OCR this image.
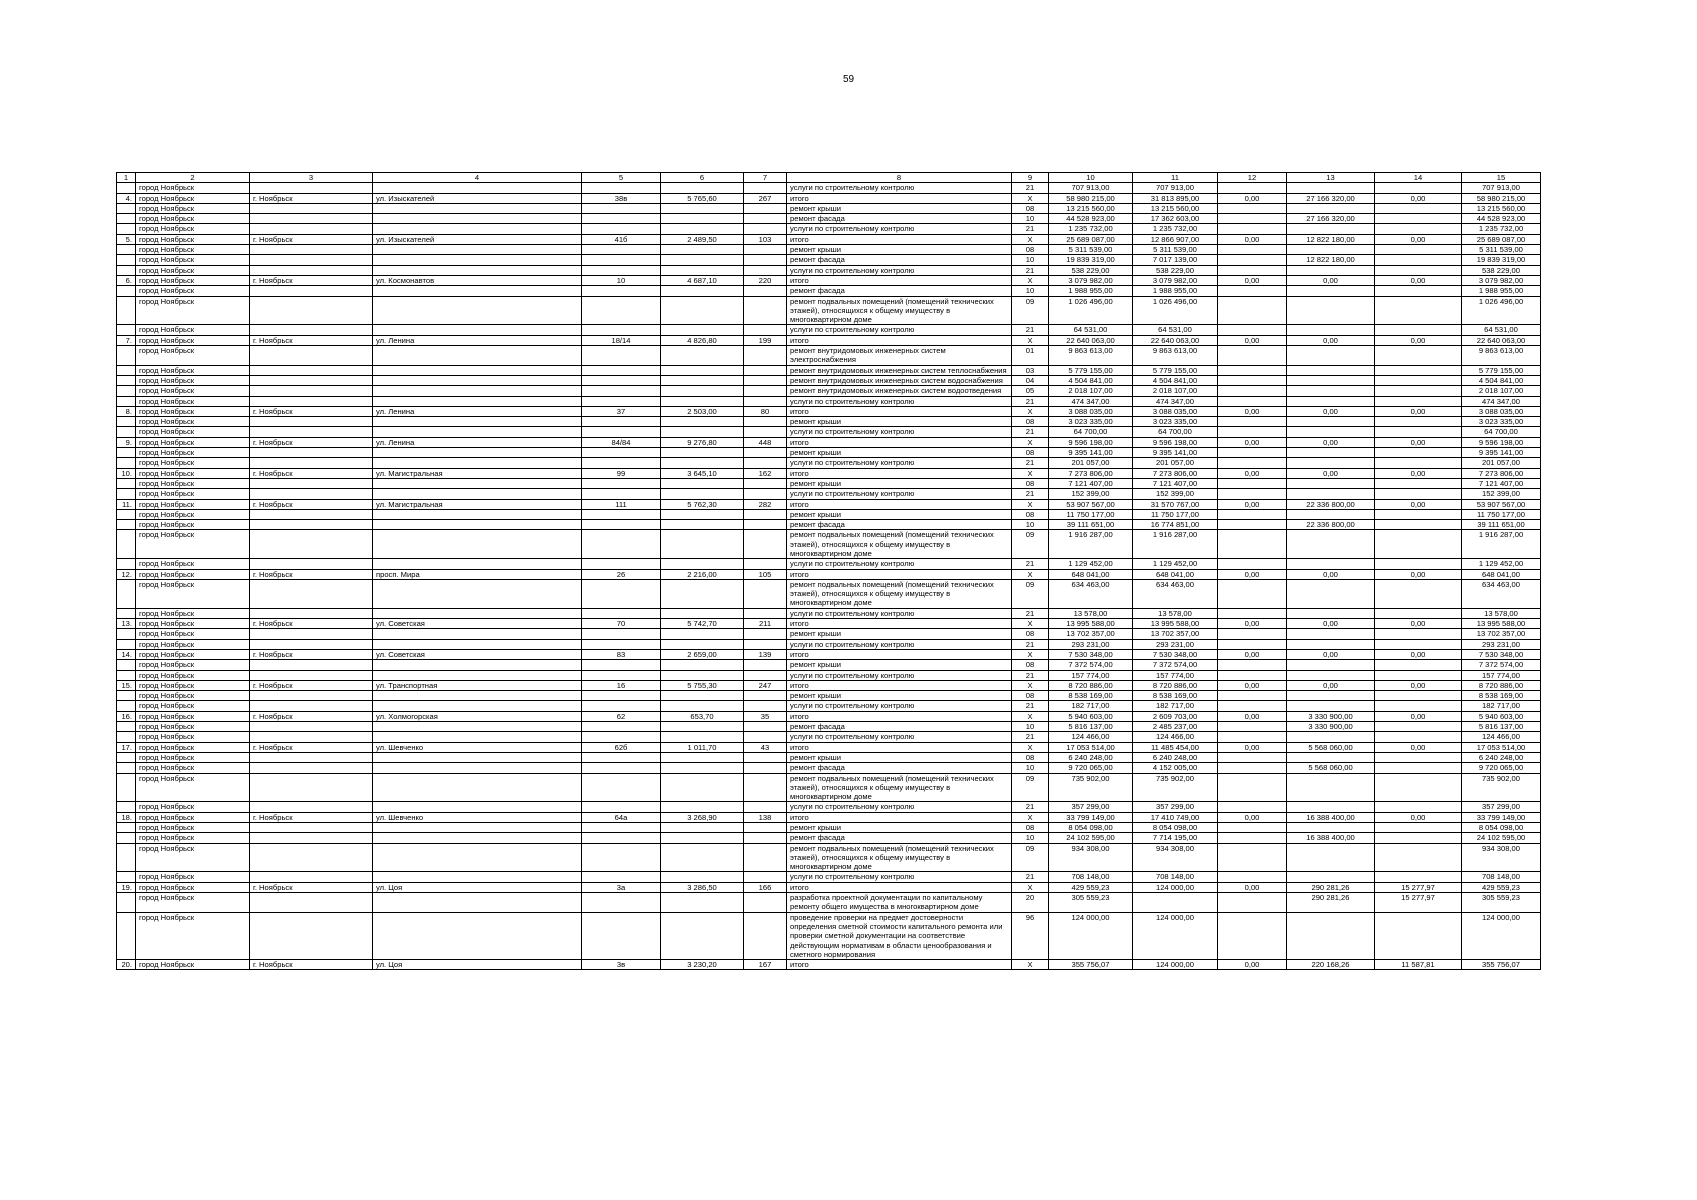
59
1	2	3	4	5	6	7	8	9	10	11	12	13	14	15
	город Ноябрьск						услуги по строительному контролю	21	707 913,00	707 913,00				707 913,00
4.	город Ноябрьск	г. Ноябрьск	ул. Изыскателей	38в	5 765,60	267	итого	X	58 980 215,00	31 813 895,00	0,00	27 166 320,00	0,00	58 980 215,00
	город Ноябрьск						ремонт крыши	08	13 215 560,00	13 215 560,00				13 215 560,00
	город Ноябрьск						ремонт фасада	10	44 528 923,00	17 362 603,00		27 166 320,00		44 528 923,00
	город Ноябрьск						услуги по строительному контролю	21	1 235 732,00	1 235 732,00				1 235 732,00
5.	город Ноябрьск	г. Ноябрьск	ул. Изыскателей	41б	2 489,50	103	итого	X	25 689 087,00	12 866 907,00	0,00	12 822 180,00	0,00	25 689 087,00
	город Ноябрьск						ремонт крыши	08	5 311 539,00	5 311 539,00				5 311 539,00
	город Ноябрьск						ремонт фасада	10	19 839 319,00	7 017 139,00		12 822 180,00		19 839 319,00
	город Ноябрьск						услуги по строительному контролю	21	538 229,00	538 229,00				538 229,00
6.	город Ноябрьск	г. Ноябрьск	ул. Космонавтов	10	4 687,10	220	итого	X	3 079 982,00	3 079 982,00	0,00	0,00	0,00	3 079 982,00
	город Ноябрьск						ремонт фасада	10	1 988 955,00	1 988 955,00				1 988 955,00
	город Ноябрьск						ремонт подвальных помещений (помещений технических этажей), относящихся к общему имуществу в многоквартирном доме	09	1 026 496,00	1 026 496,00				1 026 496,00
	город Ноябрьск						услуги по строительному контролю	21	64 531,00	64 531,00				64 531,00
7.	город Ноябрьск	г. Ноябрьск	ул. Ленина	18/14	4 826,80	199	итого	X	22 640 063,00	22 640 063,00	0,00	0,00	0,00	22 640 063,00
	город Ноябрьск						ремонт внутридомовых инженерных систем электроснабжения	01	9 863 613,00	9 863 613,00				9 863 613,00
	город Ноябрьск						ремонт внутридомовых инженерных систем теплоснабжения	03	5 779 155,00	5 779 155,00				5 779 155,00
	город Ноябрьск						ремонт внутридомовых инженерных систем водоснабжения	04	4 504 841,00	4 504 841,00				4 504 841,00
	город Ноябрьск						ремонт внутридомовых инженерных систем водоотведения	05	2 018 107,00	2 018 107,00				2 018 107,00
	город Ноябрьск						услуги по строительному контролю	21	474 347,00	474 347,00				474 347,00
8.	город Ноябрьск	г. Ноябрьск	ул. Ленина	37	2 503,00	80	итого	X	3 088 035,00	3 088 035,00	0,00	0,00	0,00	3 088 035,00
	город Ноябрьск						ремонт крыши	08	3 023 335,00	3 023 335,00				3 023 335,00
	город Ноябрьск						услуги по строительному контролю	21	64 700,00	64 700,00				64 700,00
9.	город Ноябрьск	г. Ноябрьск	ул. Ленина	84/84	9 276,80	448	итого	X	9 596 198,00	9 596 198,00	0,00	0,00	0,00	9 596 198,00
	город Ноябрьск						ремонт крыши	08	9 395 141,00	9 395 141,00				9 395 141,00
	город Ноябрьск						услуги по строительному контролю	21	201 057,00	201 057,00				201 057,00
10.	город Ноябрьск	г. Ноябрьск	ул. Магистральная	99	3 645,10	162	итого	X	7 273 806,00	7 273 806,00	0,00	0,00	0,00	7 273 806,00
	город Ноябрьск						ремонт крыши	08	7 121 407,00	7 121 407,00				7 121 407,00
	город Ноябрьск						услуги по строительному контролю	21	152 399,00	152 399,00				152 399,00
11.	город Ноябрьск	г. Ноябрьск	ул. Магистральная	111	5 762,30	282	итого	X	53 907 567,00	31 570 767,00	0,00	22 336 800,00	0,00	53 907 567,00
	город Ноябрьск						ремонт крыши	08	11 750 177,00	11 750 177,00				11 750 177,00
	город Ноябрьск						ремонт фасада	10	39 111 651,00	16 774 851,00		22 336 800,00		39 111 651,00
	город Ноябрьск						ремонт подвальных помещений (помещений технических этажей), относящихся к общему имуществу в многоквартирном доме	09	1 916 287,00	1 916 287,00				1 916 287,00
	город Ноябрьск						услуги по строительному контролю	21	1 129 452,00	1 129 452,00				1 129 452,00
12.	город Ноябрьск	г. Ноябрьск	просп. Мира	26	2 216,00	105	итого	X	648 041,00	648 041,00	0,00	0,00	0,00	648 041,00
	город Ноябрьск						ремонт подвальных помещений (помещений технических этажей), относящихся к общему имуществу в многоквартирном доме	09	634 463,00	634 463,00				634 463,00
	город Ноябрьск						услуги по строительному контролю	21	13 578,00	13 578,00				13 578,00
13.	город Ноябрьск	г. Ноябрьск	ул. Советская	70	5 742,70	211	итого	X	13 995 588,00	13 995 588,00	0,00	0,00	0,00	13 995 588,00
	город Ноябрьск						ремонт крыши	08	13 702 357,00	13 702 357,00				13 702 357,00
	город Ноябрьск						услуги по строительному контролю	21	293 231,00	293 231,00				293 231,00
14.	город Ноябрьск	г. Ноябрьск	ул. Советская	83	2 659,00	139	итого	X	7 530 348,00	7 530 348,00	0,00	0,00	0,00	7 530 348,00
	город Ноябрьск						ремонт крыши	08	7 372 574,00	7 372 574,00				7 372 574,00
	город Ноябрьск						услуги по строительному контролю	21	157 774,00	157 774,00				157 774,00
15.	город Ноябрьск	г. Ноябрьск	ул. Транспортная	16	5 755,30	247	итого	X	8 720 886,00	8 720 886,00	0,00	0,00	0,00	8 720 886,00
	город Ноябрьск						ремонт крыши	08	8 538 169,00	8 538 169,00				8 538 169,00
	город Ноябрьск						услуги по строительному контролю	21	182 717,00	182 717,00				182 717,00
16.	город Ноябрьск	г. Ноябрьск	ул. Холмогорская	62	653,70	35	итого	X	5 940 603,00	2 609 703,00	0,00	3 330 900,00	0,00	5 940 603,00
	город Ноябрьск						ремонт фасада	10	5 816 137,00	2 485 237,00		3 330 900,00		5 816 137,00
	город Ноябрьск						услуги по строительному контролю	21	124 466,00	124 466,00				124 466,00
17.	город Ноябрьск	г. Ноябрьск	ул. Шевченко	62б	1 011,70	43	итого	X	17 053 514,00	11 485 454,00	0,00	5 568 060,00	0,00	17 053 514,00
	город Ноябрьск						ремонт крыши	08	6 240 248,00	6 240 248,00				6 240 248,00
	город Ноябрьск						ремонт фасада	10	9 720 065,00	4 152 005,00		5 568 060,00		9 720 065,00
	город Ноябрьск						ремонт подвальных помещений (помещений технических этажей), относящихся к общему имуществу в многоквартирном доме	09	735 902,00	735 902,00				735 902,00
	город Ноябрьск						услуги по строительному контролю	21	357 299,00	357 299,00				357 299,00
18.	город Ноябрьск	г. Ноябрьск	ул. Шевченко	64а	3 268,90	138	итого	X	33 799 149,00	17 410 749,00	0,00	16 388 400,00	0,00	33 799 149,00
	город Ноябрьск						ремонт крыши	08	8 054 098,00	8 054 098,00				8 054 098,00
	город Ноябрьск						ремонт фасада	10	24 102 595,00	7 714 195,00		16 388 400,00		24 102 595,00
	город Ноябрьск						ремонт подвальных помещений (помещений технических этажей), относящихся к общему имуществу в многоквартирном доме	09	934 308,00	934 308,00				934 308,00
	город Ноябрьск						услуги по строительному контролю	21	708 148,00	708 148,00				708 148,00
19.	город Ноябрьск	г. Ноябрьск	ул. Цоя	3а	3 286,50	166	итого	X	429 559,23	124 000,00	0,00	290 281,26	15 277,97	429 559,23
	город Ноябрьск						разработка проектной документации по капитальному ремонту общего имущества в многоквартирном доме	20	305 559,23			290 281,26	15 277,97	305 559,23
	город Ноябрьск						проведение проверки на предмет достоверности определения сметной стоимости капитального ремонта или проверки сметной документации на соответствие действующим нормативам в области ценообразования и сметного нормирования	96	124 000,00	124 000,00				124 000,00
20.	город Ноябрьск	г. Ноябрьск	ул. Цоя	3в	3 230,20	167	итого	X	355 756,07	124 000,00	0,00	220 168,26	11 587,81	355 756,07
